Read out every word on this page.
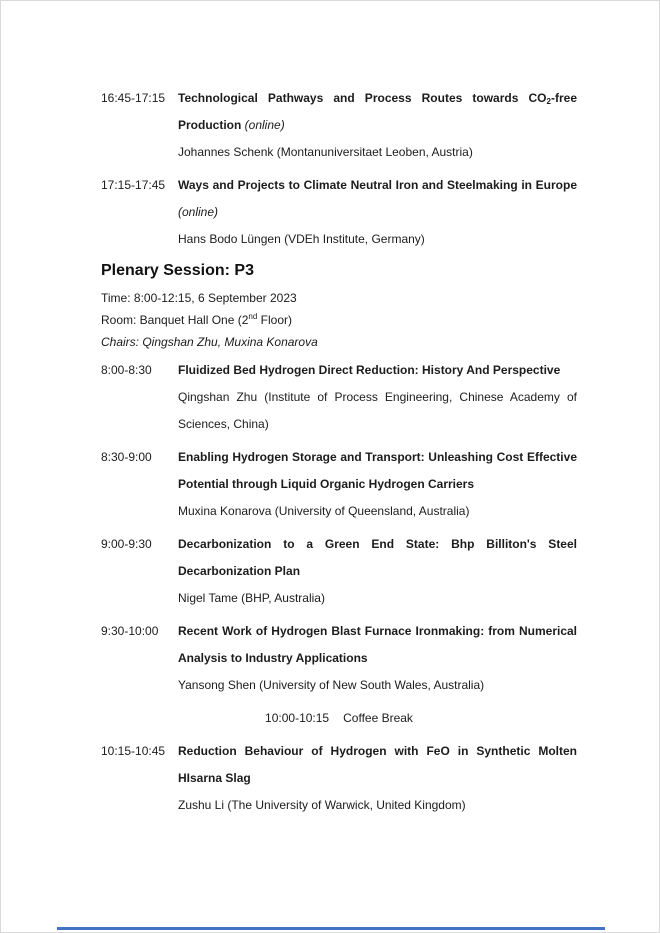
16:45-17:15	Technological Pathways and Process Routes towards $CO_2$-free Production (online)

Johannes Schenk (Montanuniversitaet Leoben, Austria)

17:15-17:45	Ways and Projects to Climate Neutral Iron and Steelmaking in Europe (online)

Hans Bodo Lüngen (VDEh Institute, Germany)

Plenary Session: P3

Time: 8:00-12:15, 6 September 2023

Room: Banquet Hall One (2nd Floor)

Chairs: Qingshan Zhu, Muxina Konarova

8:00-8:30	Fluidized Bed Hydrogen Direct Reduction: History And Perspective

Qingshan Zhu (Institute of Process Engineering, Chinese Academy of Sciences, China)

8:30-9:00	Enabling Hydrogen Storage and Transport: Unleashing Cost Effective Potential through Liquid Organic Hydrogen Carriers

Muxina Konarova (University of Queensland, Australia)

9:00-9:30	Decarbonization to a Green End State: Bhp Billiton's Steel Decarbonization Plan

Nigel Tame (BHP, Australia)

9:30-10:00	Recent Work of Hydrogen Blast Furnace Ironmaking: from Numerical Analysis to Industry Applications

Yansong Shen (University of New South Wales, Australia)

10:00-10:15 Coffee Break

10:15-10:45	Reduction Behaviour of Hydrogen with FeO in Synthetic Molten HIsarna Slag

Zushu Li (The University of Warwick, United Kingdom)
